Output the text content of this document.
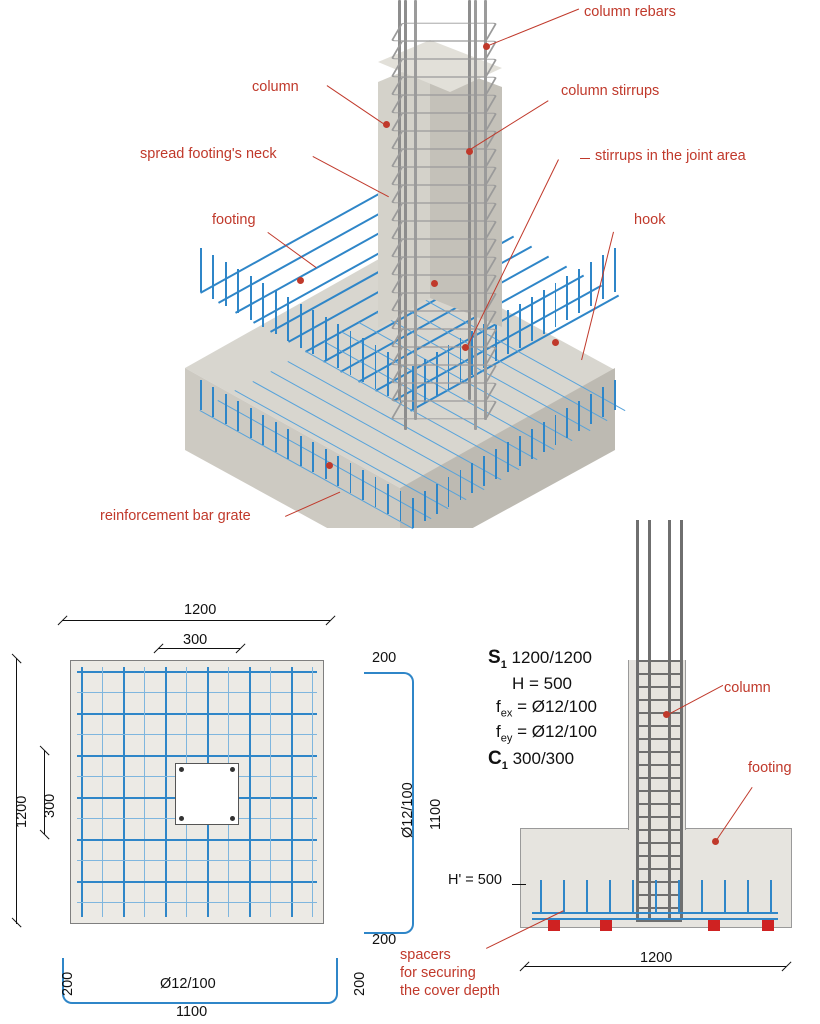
column rebars
column	column stirrups
spread footing's neck	stirrups in the joint area
footing	hook
reinforcement bar grate
1200
300
1200 300
200
200
Ø12/100 1100
200	200
Ø12/100
1100
$S_1$ 1200/1200
H = 500
$f_{ex}$ = Ø12/100
$f_{ey}$ = Ø12/100
$C_1$ 300/300
column
footing
H' = 500
1200
spacers
for securing
the cover depth
